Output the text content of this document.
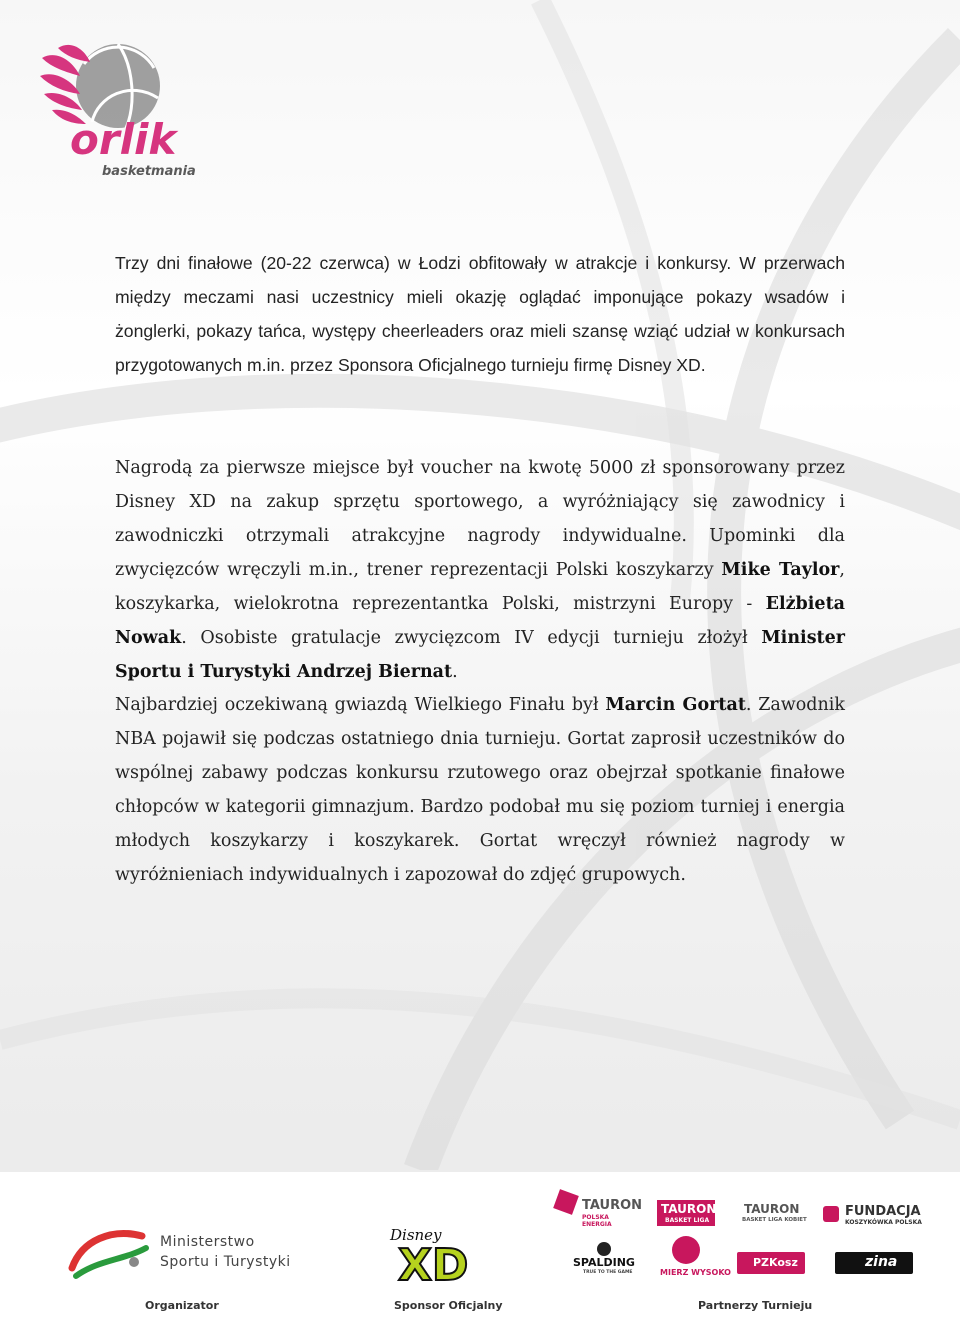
orlik
basketmania

Trzy dni finałowe (20-22 czerwca) w Łodzi obfitowały w atrakcje i konkursy. W przerwach między meczami nasi uczestnicy mieli okazję oglądać imponujące pokazy wsadów i żonglerki, pokazy tańca, występy cheerleaders oraz mieli szansę wziąć udział w konkursach przygotowanych m.in. przez Sponsora Oficjalnego turnieju firmę Disney XD.

Nagrodą za pierwsze miejsce był voucher na kwotę 5000 zł sponsorowany przez Disney XD na zakup sprzętu sportowego, a wyróżniający się zawodnicy i zawodniczki otrzymali atrakcyjne nagrody indywidualne. Upominki dla zwycięzców wręczyli m.in., trener reprezentacji Polski koszykarzy Mike Taylor, koszykarka, wielokrotna reprezentantka Polski, mistrzyni Europy - Elżbieta Nowak. Osobiste gratulacje zwycięzcom IV edycji turnieju złożył Minister Sportu i Turystyki Andrzej Biernat.

Najbardziej oczekiwaną gwiazdą Wielkiego Finału był Marcin Gortat. Zawodnik NBA pojawił się podczas ostatniego dnia turnieju. Gortat zaprosił uczestników do wspólnej zabawy podczas konkursu rzutowego oraz obejrzał spotkanie finałowe chłopców w kategorii gimnazjum. Bardzo podobał mu się poziom turniej i energia młodych koszykarzy i koszykarek. Gortat wręczył również nagrody w wyróżnieniach indywidualnych i zapozował do zdjęć grupowych.

Ministerstwo
Sportu i Turystyki
Disney
XD
TAURON
POLSKA ENERGIA
TAURON
BASKET LIGA
TAURON
BASKET LIGA KOBIET
FUNDACJA
KOSZYKÓWKA POLSKA
SPALDING
TRUE TO THE GAME	MIERZ WYSOKO
PZKosz	zina
Organizator	Sponsor Oficjalny	Partnerzy Turnieju
